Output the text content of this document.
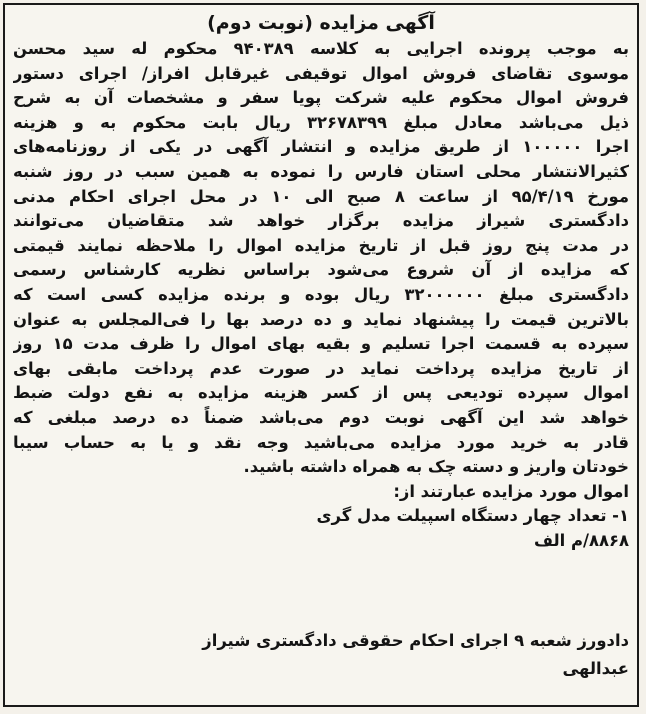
آگهی مزایده (نوبت دوم)
به موجب پرونده اجرایی به کلاسه ۹۴۰۳۸۹ محکوم له سید محسن
موسوی تقاضای فروش اموال توقیفی غیرقابل افراز/ اجرای دستور
فروش اموال محکوم علیه شرکت پویا سفر و مشخصات آن به شرح
ذیل می‌باشد معادل مبلغ ۳۲۶۷۸۳۹۹ ریال بابت محکوم به و هزینه
اجرا ۱۰۰۰۰۰ از طریق مزایده و انتشار آگهی در یکی از روزنامه‌های
کثیرالانتشار محلی استان فارس را نموده به همین سبب در روز شنبه
مورخ ۹۵/۴/۱۹ از ساعت ۸ صبح الی ۱۰ در محل اجرای احکام مدنی
دادگستری شیراز مزایده برگزار خواهد شد متقاضیان می‌توانند
در مدت پنج روز قبل از تاریخ مزایده اموال را ملاحظه نمایند قیمتی
که مزایده از آن شروع می‌شود براساس نظریه کارشناس رسمی
دادگستری مبلغ ۳۲۰۰۰۰۰۰ ریال بوده و برنده مزایده کسی است که
بالاترین قیمت را پیشنهاد نماید و ده درصد بها را فی‌المجلس به عنوان
سپرده به قسمت اجرا تسلیم و بقیه بهای اموال را ظرف مدت ۱۵ روز
از تاریخ مزایده پرداخت نماید در صورت عدم پرداخت مابقی بهای
اموال سپرده تودیعی پس از کسر هزینه مزایده به نفع دولت ضبط
خواهد شد این آگهی نوبت دوم می‌باشد ضمناً ده درصد مبلغی که
قادر به خرید مورد مزایده می‌باشید وجه نقد و یا به حساب سیبا
خودتان واریز و دسته چک به همراه داشته باشید.
اموال مورد مزایده عبارتند از:
۱- تعداد چهار دستگاه اسپیلت مدل گری
۸۸۶۸/م الف
دادورز شعبه ۹ اجرای احکام حقوقی دادگستری شیراز
عبدالهی
